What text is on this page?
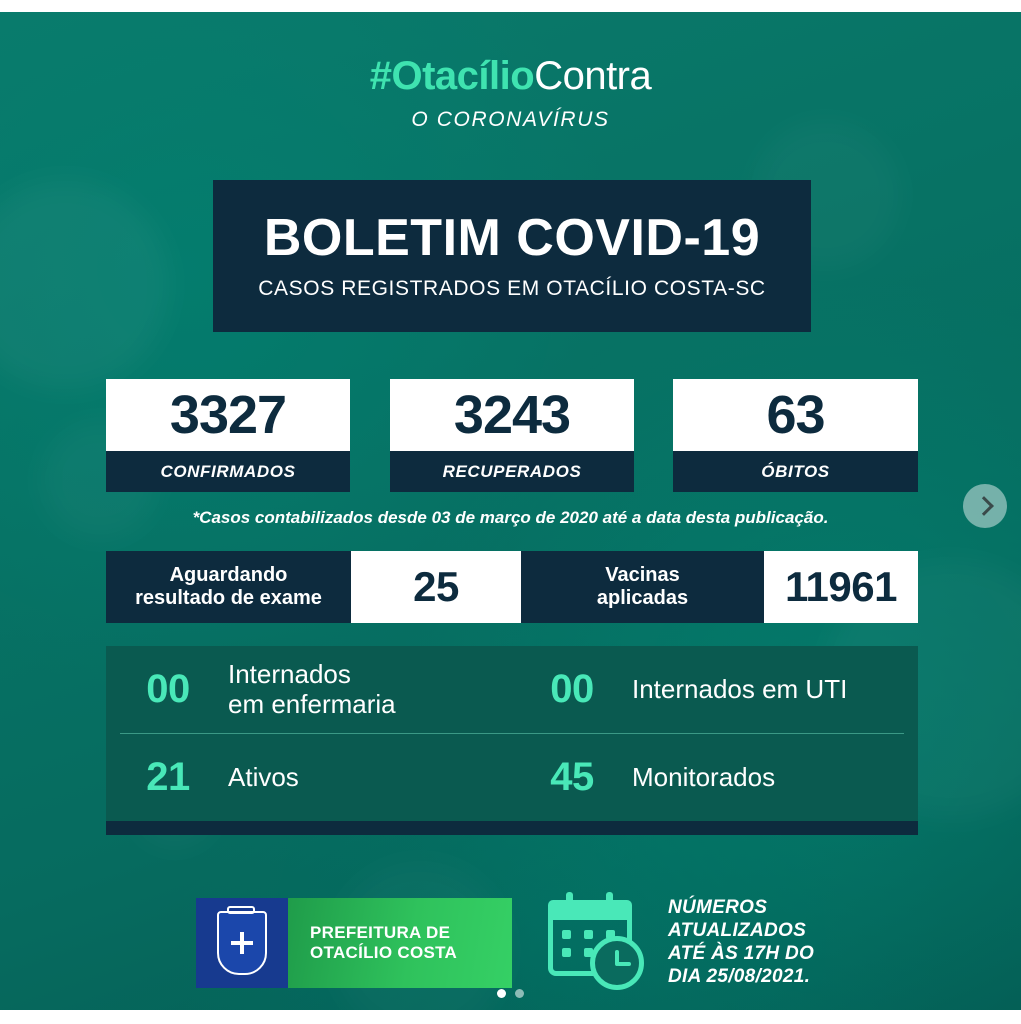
#OtacílioContra
O CORONAVÍRUS
BOLETIM COVID-19
CASOS REGISTRADOS EM OTACÍLIO COSTA-SC
3327
CONFIRMADOS
3243
RECUPERADOS
63
ÓBITOS
*Casos contabilizados desde 03 de março de 2020 até a data desta publicação.
Aguardando
resultado de exame	25	Vacinas
aplicadas	11961
00	Internados
em enfermaria	00	Internados em UTI
21	Ativos	45	Monitorados
PREFEITURA DE
OTACÍLIO COSTA
NÚMEROS
ATUALIZADOS
ATÉ ÀS 17H DO
DIA 25/08/2021.
